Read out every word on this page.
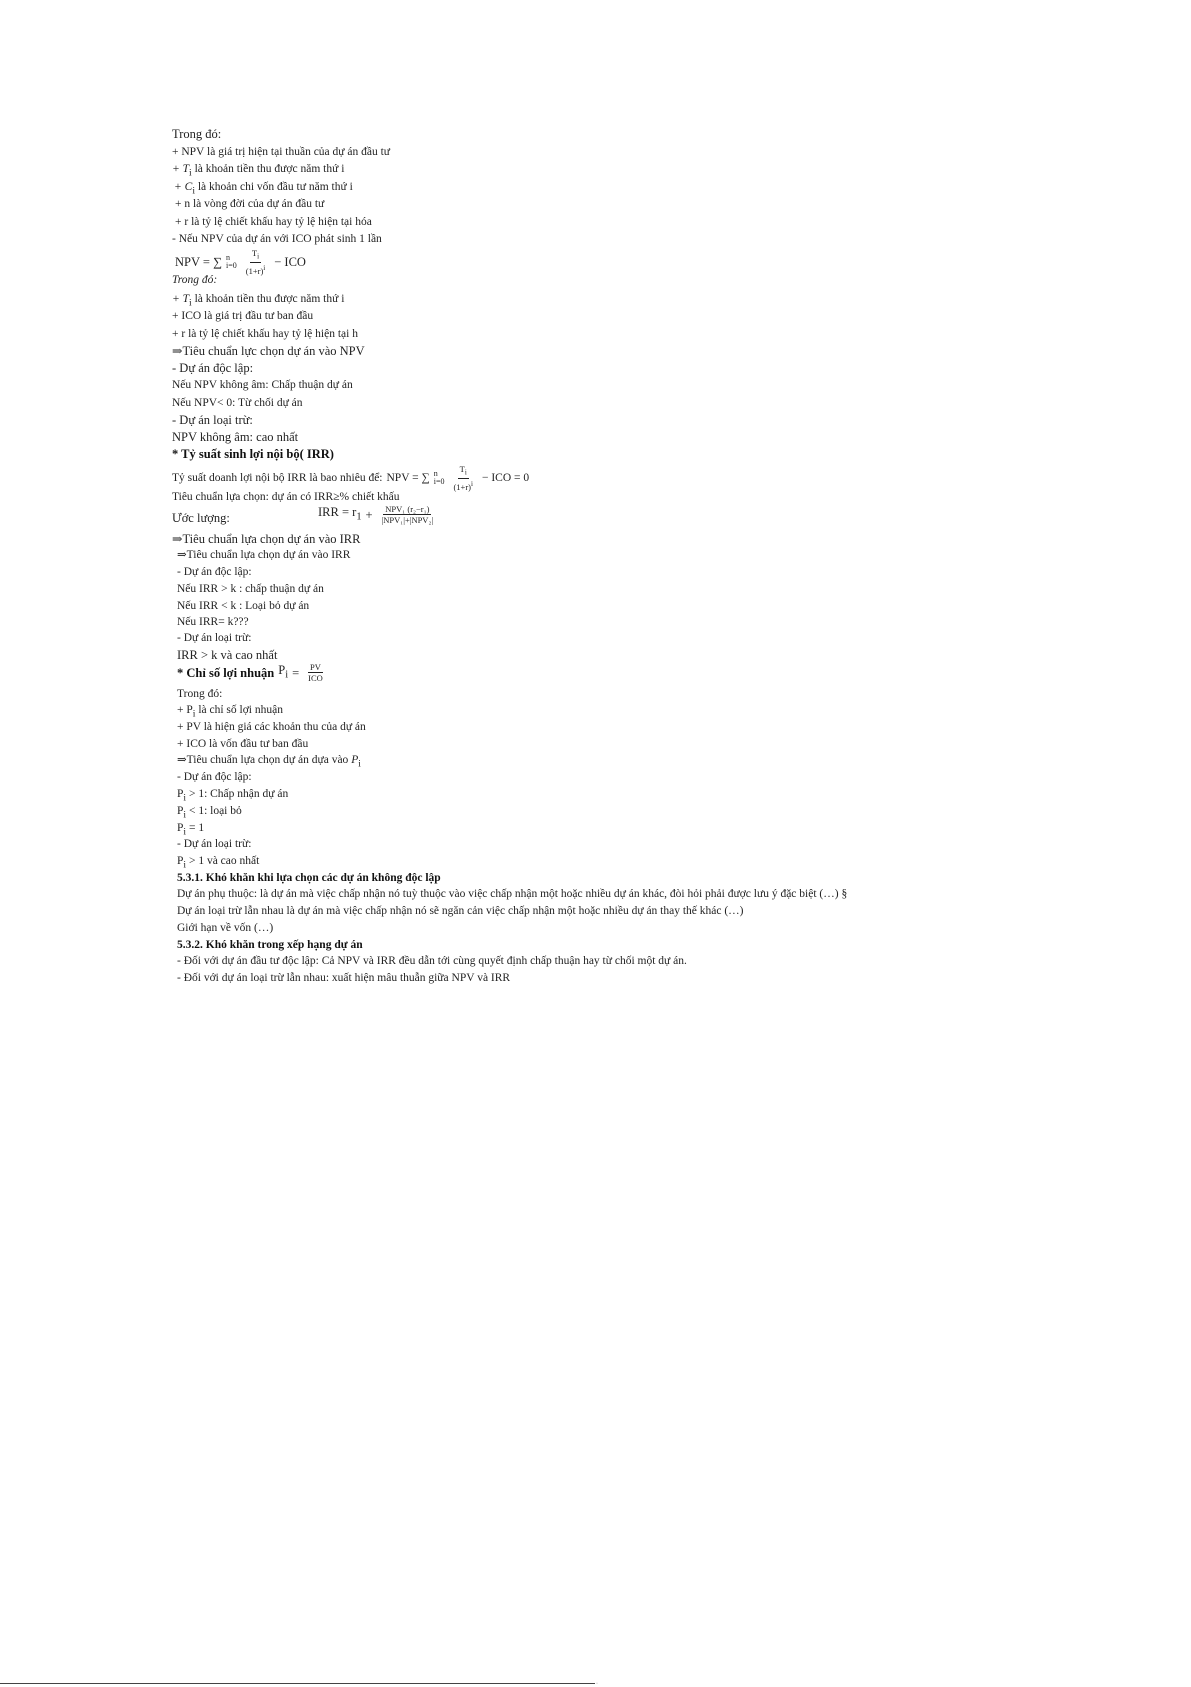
Trong đó:
+ NPV là giá trị hiện tại thuần của dự án đầu tư
+ $T_i$ là khoản tiền thu được năm thứ i
+ $C_i$ là khoản chi vốn đầu tư năm thứ i
+ n là vòng đời của dự án đầu tư
+ r là tỷ lệ chiết khấu hay tỷ lệ hiện tại hóa
- Nếu NPV của dự án với ICO phát sinh 1 lần
NPV = ∑ n
$i=0 \frac{T_i}{(1+r)^i}$ − ICO
Trong đó:
+ $T_i$ là khoản tiền thu được năm thứ i
+ ICO là giá trị đầu tư ban đầu
+ r là tỷ lệ chiết khấu hay tỷ lệ hiện tại h
⇒Tiêu chuẩn lực chọn dự án vào NPV
- Dự án độc lập:
Nếu NPV không âm: Chấp thuận dự án
Nếu NPV< 0: Từ chối dự án
- Dự án loại trừ:
NPV không âm: cao nhất
* Tỷ suất sinh lợi nội bộ( IRR)
Tỷ suất doanh lợi nội bộ IRR là bao nhiêu để: NPV = ∑ n
$i=0 \frac{T_i}{(1+r)^i}$ − ICO = 0
Tiêu chuẩn lựa chọn: dự án có IRR≥% chiết khấu
Ước lượng:	IRR = $r_1 + \frac{\text{NPV₁ (r₂−r₁)}}{\text{|NPV₁|+|NPV₂|}}$
⇒Tiêu chuẩn lựa chọn dự án vào IRR
⇒Tiêu chuẩn lựa chọn dự án vào IRR
- Dự án độc lập:
Nếu IRR > k : chấp thuận dự án
Nếu IRR < k : Loại bỏ dự án
Nếu IRR= k???
- Dự án loại trừ:
IRR > k và cao nhất
* Chỉ số lợi nhuận $P_i = \frac{PV}{\text{ICO}}$
Trong đó:
+ $P_i$ là chỉ số lợi nhuận
+ PV là hiện giá các khoản thu của dự án
+ ICO là vốn đầu tư ban đầu
⇒Tiêu chuẩn lựa chọn dự án dựa vào $P_i$
- Dự án độc lập:
$P_i > 1$: Chấp nhận dự án
$P_i < 1$: loại bỏ
$P_i = 1$
- Dự án loại trừ:
$P_i > 1$ và cao nhất
5.3.1. Khó khăn khi lựa chọn các dự án không độc lập
Dự án phụ thuộc: là dự án mà việc chấp nhận nó tuỳ thuộc vào việc chấp nhận một hoặc nhiều dự án khác, đòi hỏi phải được lưu ý đặc biệt (…) §
Dự án loại trừ lẫn nhau là dự án mà việc chấp nhận nó sẽ ngăn cản việc chấp nhận một hoặc nhiều dự án thay thế khác (…)
Giới hạn về vốn (…)
5.3.2. Khó khăn trong xếp hạng dự án
- Đối với dự án đầu tư độc lập: Cả NPV và IRR đều dẫn tới cùng quyết định chấp thuận hay từ chối một dự án.
- Đối với dự án loại trừ lẫn nhau: xuất hiện mâu thuẫn giữa NPV và IRR
·
